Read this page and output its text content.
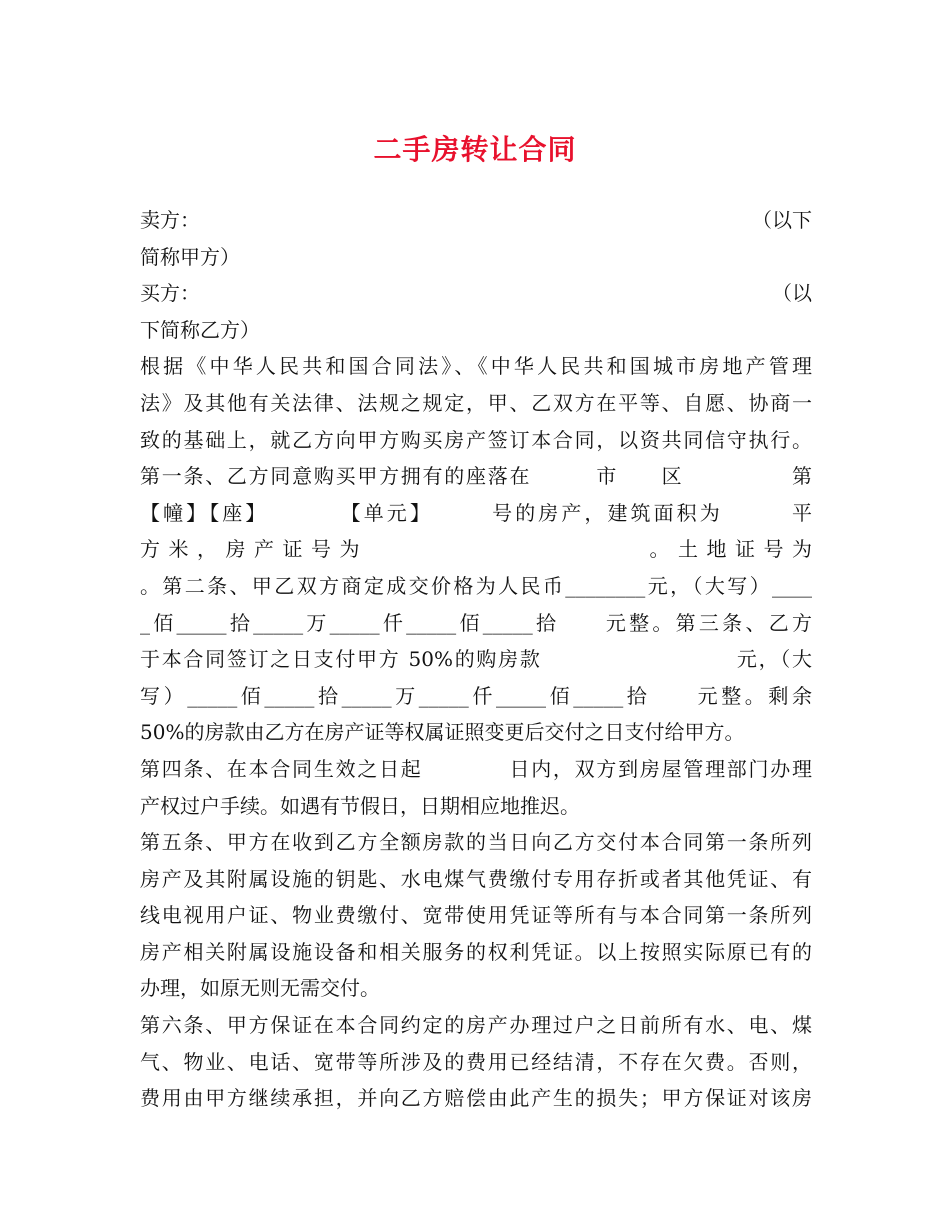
二手房转让合同
卖方：	（以下
简称甲方）
买方：	（以
下简称乙方）
根据《中华人民共和国合同法》、《中华人民共和国城市房地产管理
法》及其他有关法律、法规之规定，甲、乙双方在平等、自愿、协商一
致的基础上，就乙方向甲方购买房产签订本合同，以资共同信守执行。
第一条、乙方同意购买甲方拥有的座落在　　　市　　区　　　　　第
【幢】【座】　　　　【单元】　　　号的房产，建筑面积为　　　平
方 米 ， 房 产 证 号 为 　　　　　　　　　　　　　 。 土 地 证 号 为
。第二条、甲乙双方商定成交价格为人民币________元，（大写）____
_佰_____拾_____万_____仟_____佰_____拾　　元整。第三条、乙方
于本合同签订之日支付甲方 50%的购房款　　　　　　　　　元，（大
写）_____佰_____拾_____万_____仟_____佰_____拾　　元整。剩余
50%的房款由乙方在房产证等权属证照变更后交付之日支付给甲方。
第四条、在本合同生效之日起　　　　日内，双方到房屋管理部门办理
产权过户手续。如遇有节假日，日期相应地推迟。
第五条、甲方在收到乙方全额房款的当日向乙方交付本合同第一条所列
房产及其附属设施的钥匙、水电煤气费缴付专用存折或者其他凭证、有
线电视用户证、物业费缴付、宽带使用凭证等所有与本合同第一条所列
房产相关附属设施设备和相关服务的权利凭证。以上按照实际原已有的
办理，如原无则无需交付。
第六条、甲方保证在本合同约定的房产办理过户之日前所有水、电、煤
气、物业、电话、宽带等所涉及的费用已经结清，不存在欠费。否则，
费用由甲方继续承担，并向乙方赔偿由此产生的损失；甲方保证对该房
